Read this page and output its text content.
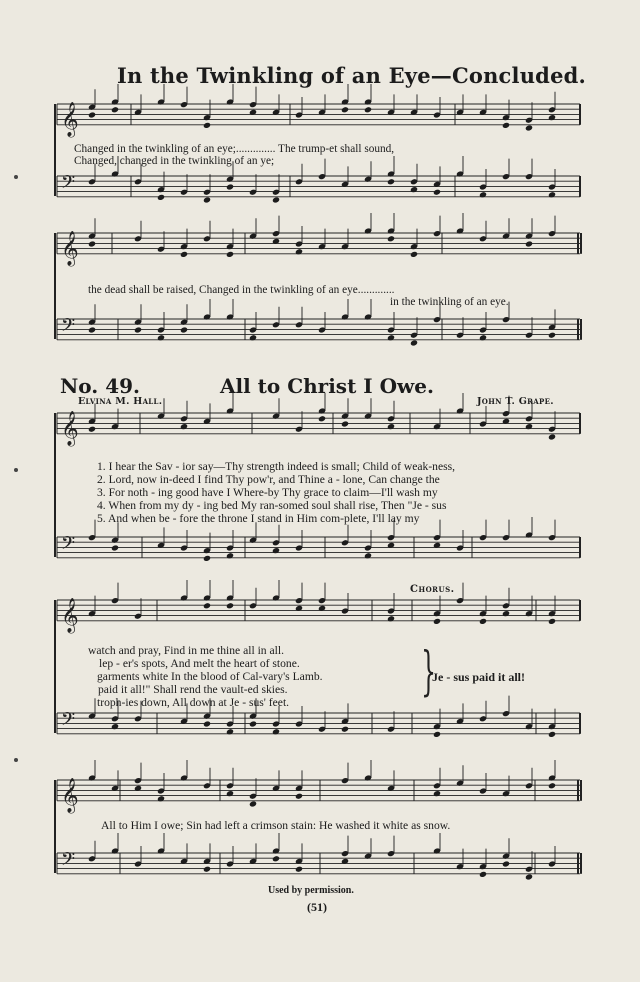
𝄞
𝄢
𝄞
𝄢
𝄞
𝄢
𝄞
𝄢
𝄞
𝄢
In the Twinkling of an Eye—Concluded.
Changed in the twinkling of an eye;.............. The trump-et shall sound,
Changed, changed in the twinkling of an ye;
the dead shall be raised, Changed in the twinkling of an eye.............
in the twinkling of an eye.
No. 49.	All to Christ I Owe.
Elvina M. Hall.	John T. Grape.
1. I hear the Sav - ior say—Thy strength indeed is small; Child of weak-ness,
2. Lord, now in-deed I find Thy pow'r, and Thine a - lone, Can change the
3. For noth - ing good have I Where-by Thy grace to claim—I'll wash my
4. When from my dy - ing bed My ran-somed soul shall rise, Then "Je - sus
5. And when be - fore the throne I stand in Him com-plete, I'll lay my
Chorus.
watch and pray, Find in me thine all in all.
lep - er's spots, And melt the heart of stone.
garments white In the blood of Cal-vary's Lamb.
paid it all!" Shall rend the vault-ed skies.
troph-ies down, All down at Je - sus' feet.
}
Je - sus paid it all!
All to Him I owe; Sin had left a crimson stain: He washed it white as snow.
Used by permission.
(51)
